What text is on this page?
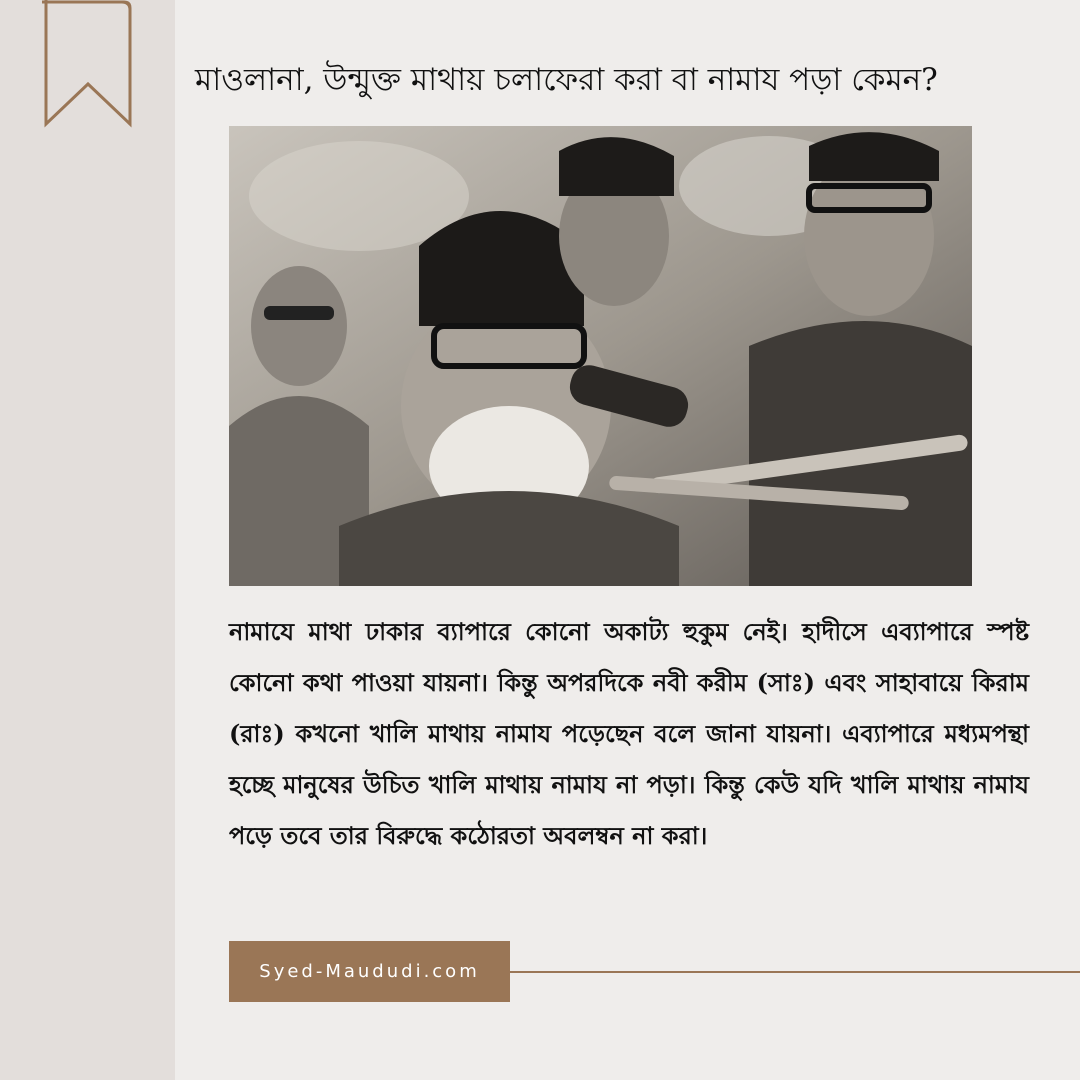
মাওলানা, উন্মুক্ত মাথায় চলাফেরা করা বা নামায পড়া কেমন?
নামাযে মাথা ঢাকার ব্যাপারে কোনো অকাট্য হুকুম নেই। হাদীসে এব্যাপারে স্পষ্ট কোনো কথা পাওয়া যায়না। কিন্তু অপরদিকে নবী করীম (সাঃ) এবং সাহাবায়ে কিরাম (রাঃ) কখনো খালি মাথায় নামায পড়েছেন বলে জানা যায়না। এব্যাপারে মধ্যমপন্থা হচ্ছে মানুষের উচিত খালি মাথায় নামায না পড়া। কিন্তু কেউ যদি খালি মাথায় নামায পড়ে তবে তার বিরুদ্ধে কঠোরতা অবলম্বন না করা।
Syed-Maududi.com
